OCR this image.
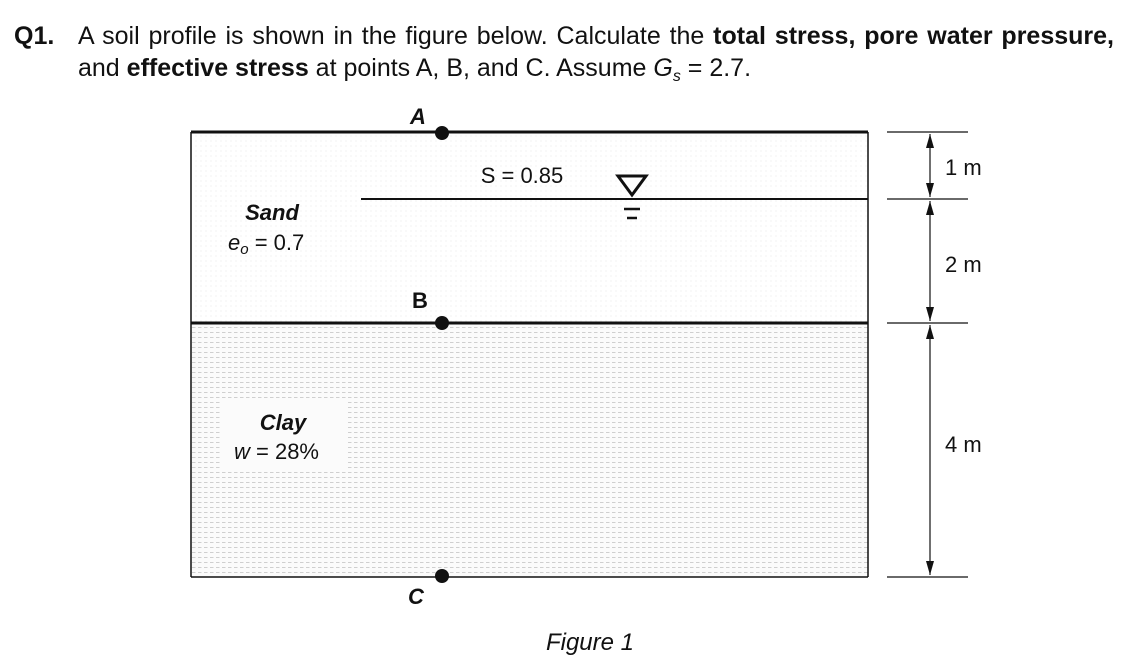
Q1. A soil profile is shown in the figure below. Calculate the total stress, pore water pressure, and effective stress at points A, B, and C. Assume $G_s = 2.7$.
S = 0.85
A
B
C
Sand
eo = 0.7
Clay
w = 28%
1 m
2 m
4 m
Figure 1
